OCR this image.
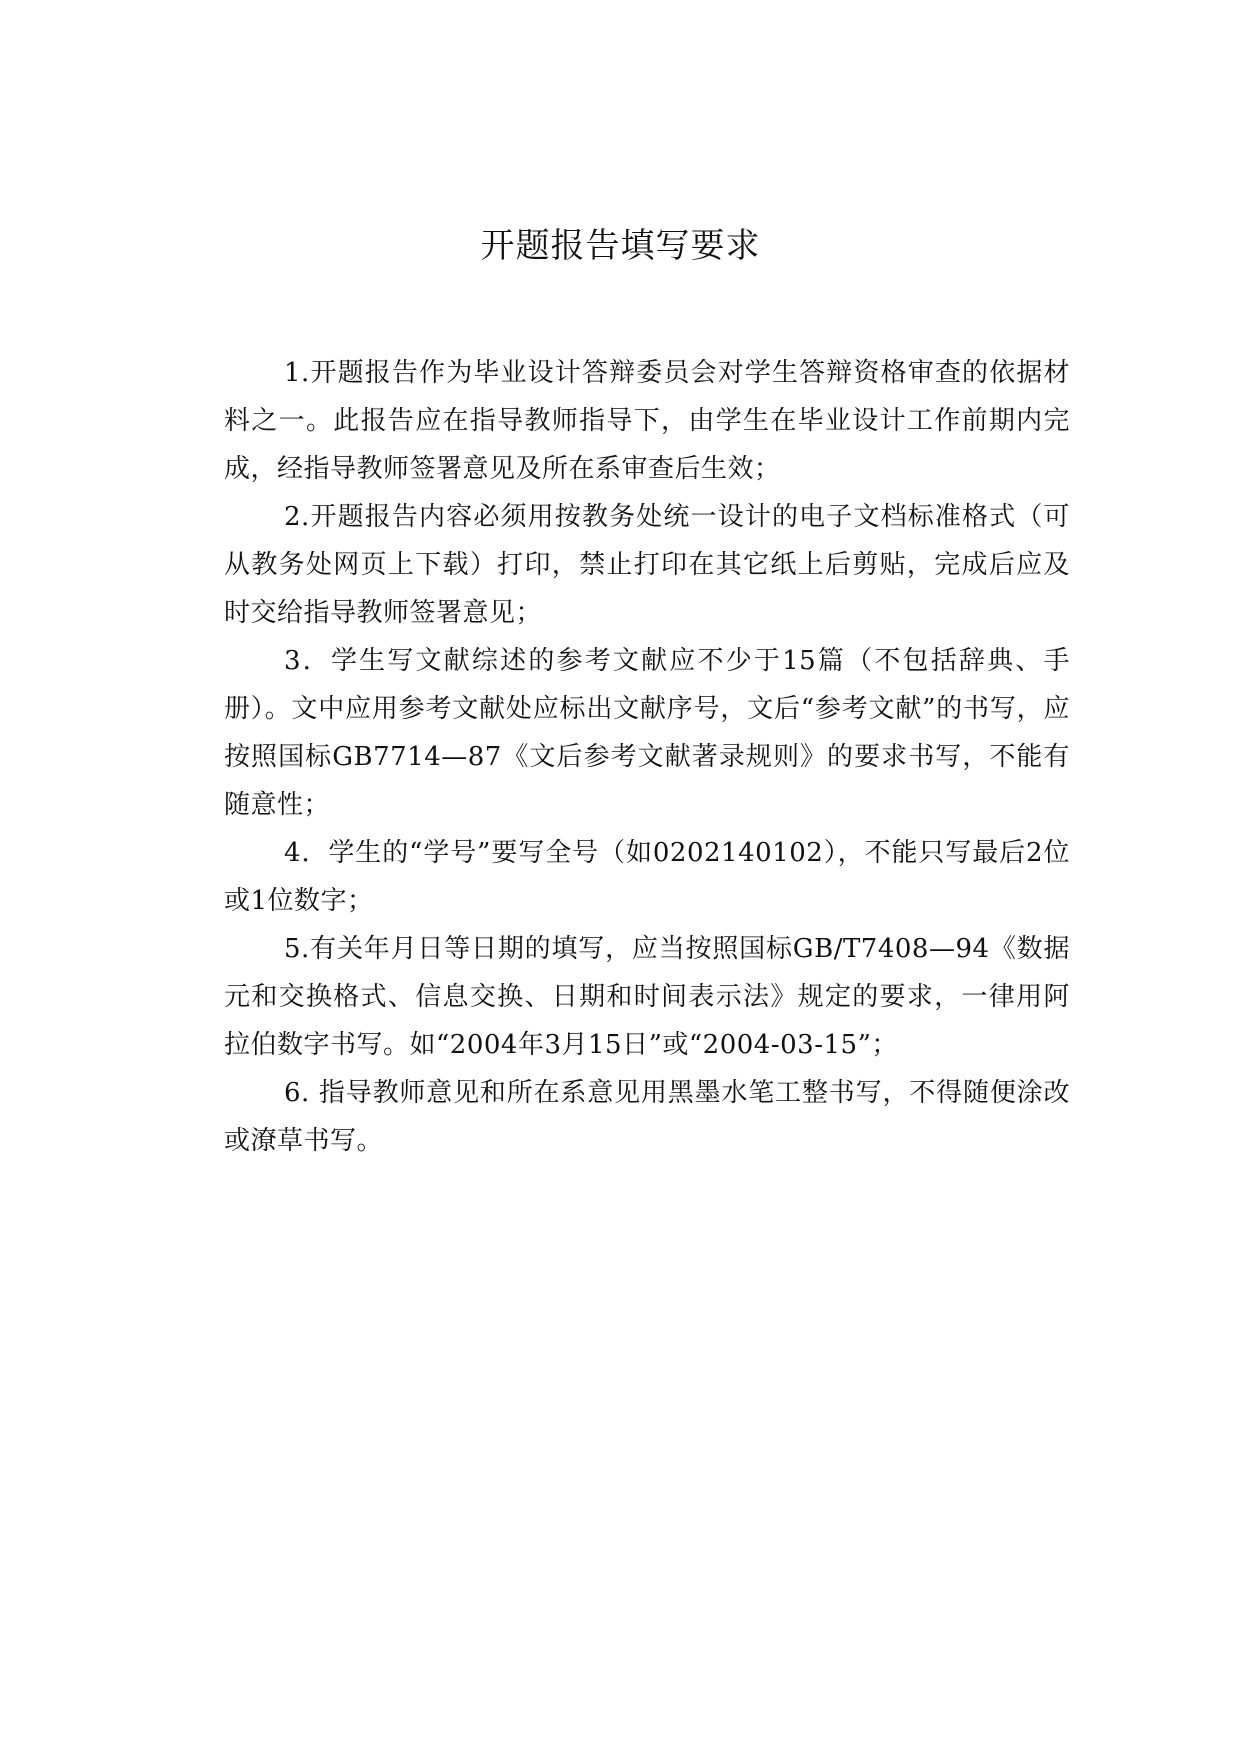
开题报告填写要求

1.开题报告作为毕业设计答辩委员会对学生答辩资格审查的依据材料之一。此报告应在指导教师指导下，由学生在毕业设计工作前期内完成，经指导教师签署意见及所在系审查后生效；

2.开题报告内容必须用按教务处统一设计的电子文档标准格式（可从教务处网页上下载）打印，禁止打印在其它纸上后剪贴，完成后应及时交给指导教师签署意见；

3．学生写文献综述的参考文献应不少于15篇（不包括辞典、手册）。文中应用参考文献处应标出文献序号，文后“参考文献”的书写，应按照国标GB7714—87《文后参考文献著录规则》的要求书写，不能有随意性；

4．学生的“学号”要写全号（如0202140102），不能只写最后2位或1位数字；

5.有关年月日等日期的填写，应当按照国标GB/T7408—94《数据元和交换格式、信息交换、日期和时间表示法》规定的要求，一律用阿拉伯数字书写。如“2004年3月15日”或“2004-03-15”；

6. 指导教师意见和所在系意见用黑墨水笔工整书写，不得随便涂改或潦草书写。
